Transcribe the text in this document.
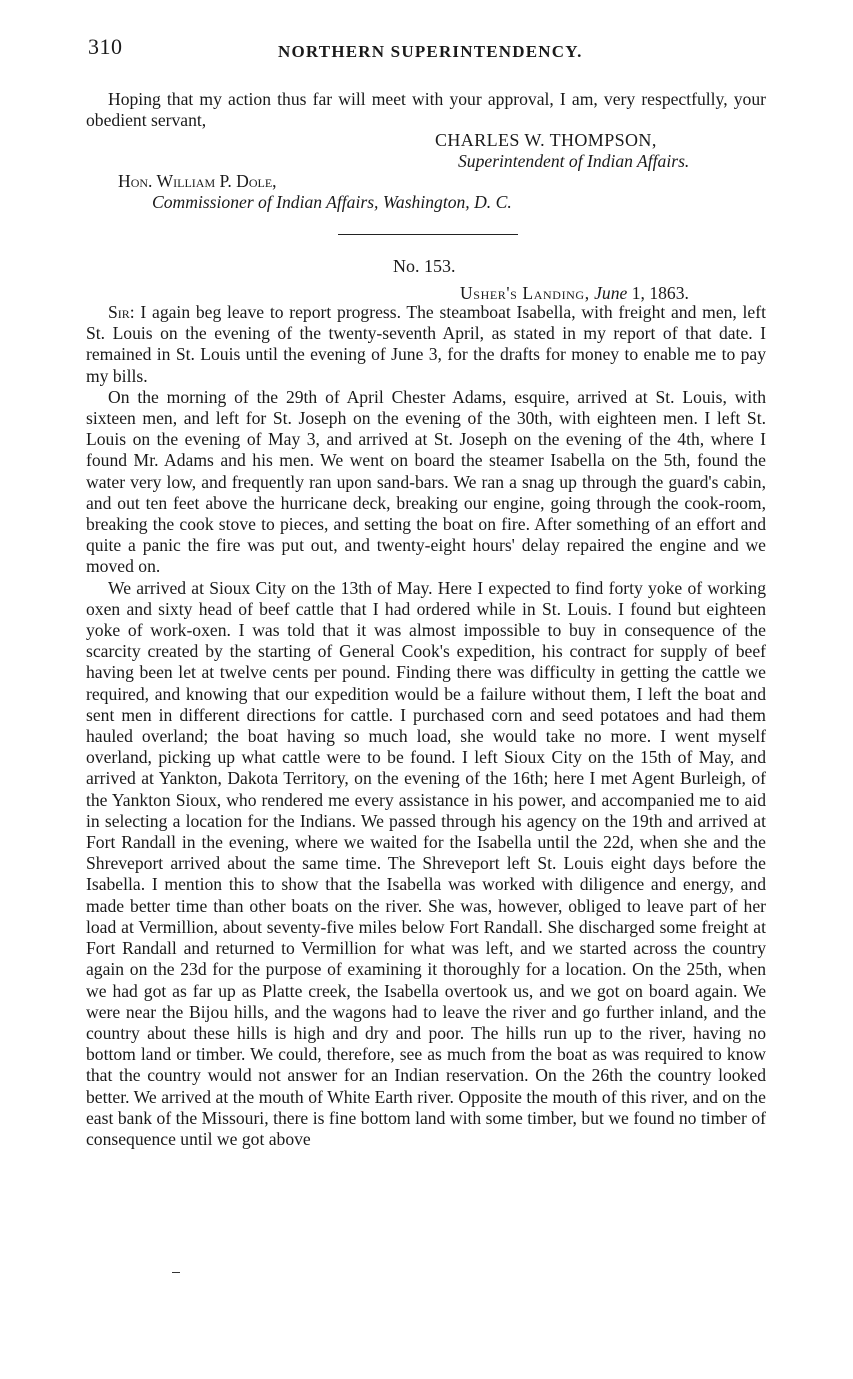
310	NORTHERN SUPERINTENDENCY.

Hoping that my action thus far will meet with your approval, I am, very respectfully, your obedient servant,

CHARLES W. THOMPSON,
Superintendent of Indian Affairs.
Hon. William P. Dole,
Commissioner of Indian Affairs, Washington, D. C.
No. 153.
Usher's Landing, June 1, 1863.

Sir: I again beg leave to report progress. The steamboat Isabella, with freight and men, left St. Louis on the evening of the twenty-seventh April, as stated in my report of that date. I remained in St. Louis until the evening of June 3, for the drafts for money to enable me to pay my bills.

On the morning of the 29th of April Chester Adams, esquire, arrived at St. Louis, with sixteen men, and left for St. Joseph on the evening of the 30th, with eighteen men. I left St. Louis on the evening of May 3, and arrived at St. Joseph on the evening of the 4th, where I found Mr. Adams and his men. We went on board the steamer Isabella on the 5th, found the water very low, and frequently ran upon sand-bars. We ran a snag up through the guard's cabin, and out ten feet above the hurricane deck, breaking our engine, going through the cook-room, breaking the cook stove to pieces, and setting the boat on fire. After something of an effort and quite a panic the fire was put out, and twenty-eight hours' delay repaired the engine and we moved on.

We arrived at Sioux City on the 13th of May. Here I expected to find forty yoke of working oxen and sixty head of beef cattle that I had ordered while in St. Louis. I found but eighteen yoke of work-oxen. I was told that it was almost impossible to buy in consequence of the scarcity created by the starting of General Cook's expedition, his contract for supply of beef having been let at twelve cents per pound. Finding there was difficulty in getting the cattle we required, and knowing that our expedition would be a failure without them, I left the boat and sent men in different directions for cattle. I purchased corn and seed potatoes and had them hauled overland; the boat having so much load, she would take no more. I went myself overland, picking up what cattle were to be found. I left Sioux City on the 15th of May, and arrived at Yankton, Dakota Territory, on the evening of the 16th; here I met Agent Burleigh, of the Yankton Sioux, who rendered me every assistance in his power, and accompanied me to aid in selecting a location for the Indians. We passed through his agency on the 19th and arrived at Fort Randall in the evening, where we waited for the Isabella until the 22d, when she and the Shreveport arrived about the same time. The Shreveport left St. Louis eight days before the Isabella. I mention this to show that the Isabella was worked with diligence and energy, and made better time than other boats on the river. She was, however, obliged to leave part of her load at Vermillion, about seventy-five miles below Fort Randall. She discharged some freight at Fort Randall and returned to Vermillion for what was left, and we started across the country again on the 23d for the purpose of examining it thoroughly for a location. On the 25th, when we had got as far up as Platte creek, the Isabella overtook us, and we got on board again. We were near the Bijou hills, and the wagons had to leave the river and go further inland, and the country about these hills is high and dry and poor. The hills run up to the river, having no bottom land or timber. We could, therefore, see as much from the boat as was required to know that the country would not answer for an Indian reservation. On the 26th the country looked better. We arrived at the mouth of White Earth river. Opposite the mouth of this river, and on the east bank of the Missouri, there is fine bottom land with some timber, but we found no timber of consequence until we got above
